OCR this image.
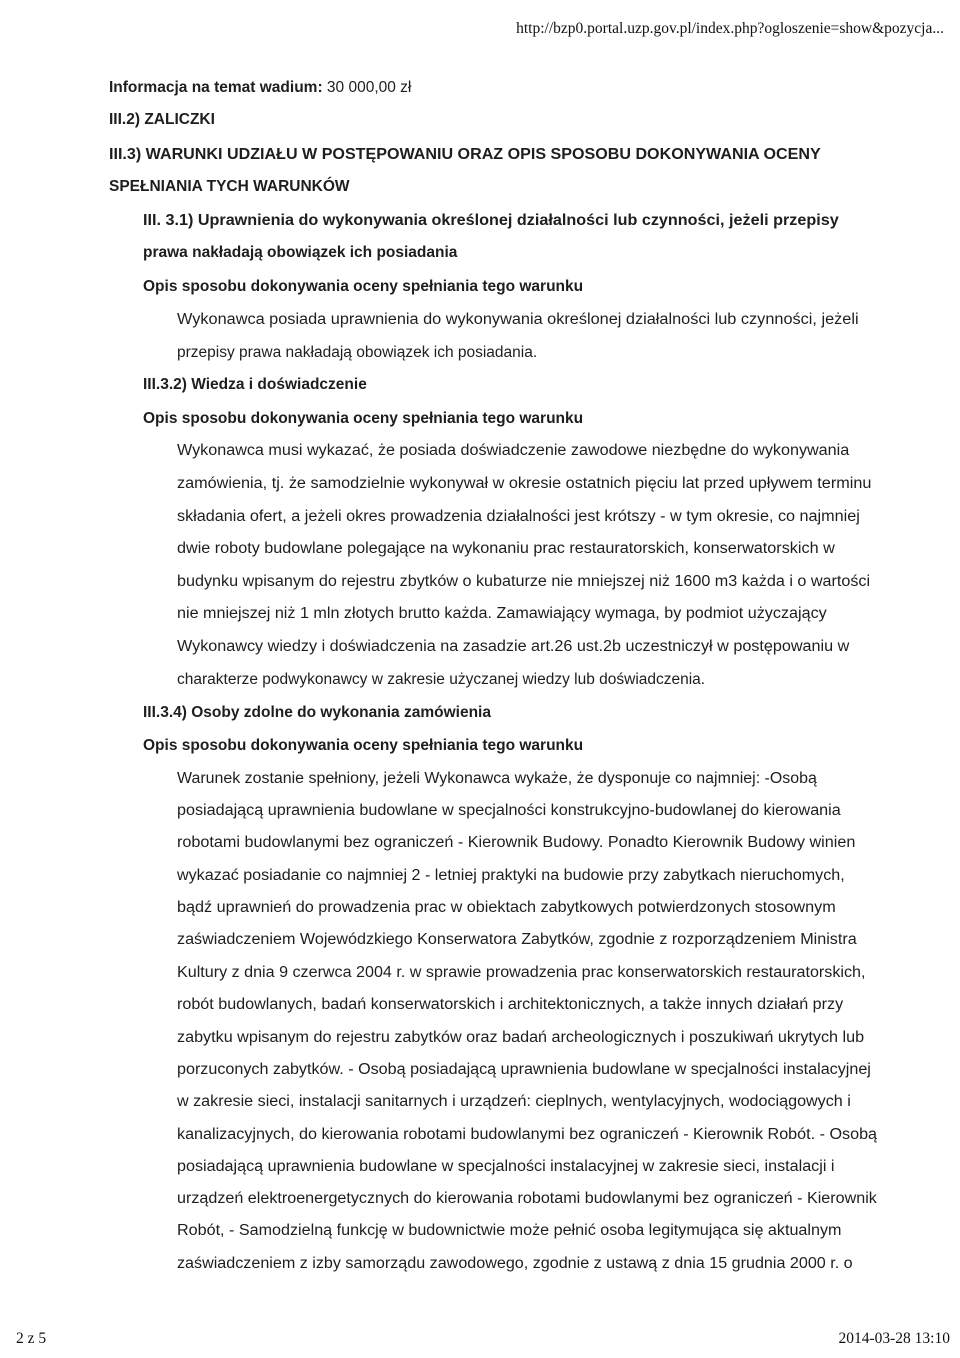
http://bzp0.portal.uzp.gov.pl/index.php?ogloszenie=show&pozycja...
Informacja na temat wadium: 30 000,00 zł
III.2) ZALICZKI
III.3) WARUNKI UDZIAŁU W POSTĘPOWANIU ORAZ OPIS SPOSOBU DOKONYWANIA OCENY
SPEŁNIANIA TYCH WARUNKÓW
III. 3.1) Uprawnienia do wykonywania określonej działalności lub czynności, jeżeli przepisy
prawa nakładają obowiązek ich posiadania
Opis sposobu dokonywania oceny spełniania tego warunku
Wykonawca posiada uprawnienia do wykonywania określonej działalności lub czynności, jeżeli
przepisy prawa nakładają obowiązek ich posiadania.
III.3.2) Wiedza i doświadczenie
Opis sposobu dokonywania oceny spełniania tego warunku
Wykonawca musi wykazać, że posiada doświadczenie zawodowe niezbędne do wykonywania
zamówienia, tj. że samodzielnie wykonywał w okresie ostatnich pięciu lat przed upływem terminu
składania ofert, a jeżeli okres prowadzenia działalności jest krótszy - w tym okresie, co najmniej
dwie roboty budowlane polegające na wykonaniu prac restauratorskich, konserwatorskich w
budynku wpisanym do rejestru zbytków o kubaturze nie mniejszej niż 1600 m3 każda i o wartości
nie mniejszej niż 1 mln złotych brutto każda. Zamawiający wymaga, by podmiot użyczający
Wykonawcy wiedzy i doświadczenia na zasadzie art.26 ust.2b uczestniczył w postępowaniu w
charakterze podwykonawcy w zakresie użyczanej wiedzy lub doświadczenia.
III.3.4) Osoby zdolne do wykonania zamówienia
Opis sposobu dokonywania oceny spełniania tego warunku
Warunek zostanie spełniony, jeżeli Wykonawca wykaże, że dysponuje co najmniej: -Osobą
posiadającą uprawnienia budowlane w specjalności konstrukcyjno-budowlanej do kierowania
robotami budowlanymi bez ograniczeń - Kierownik Budowy. Ponadto Kierownik Budowy winien
wykazać posiadanie co najmniej 2 - letniej praktyki na budowie przy zabytkach nieruchomych,
bądź uprawnień do prowadzenia prac w obiektach zabytkowych potwierdzonych stosownym
zaświadczeniem Wojewódzkiego Konserwatora Zabytków, zgodnie z rozporządzeniem Ministra
Kultury z dnia 9 czerwca 2004 r. w sprawie prowadzenia prac konserwatorskich restauratorskich,
robót budowlanych, badań konserwatorskich i architektonicznych, a także innych działań przy
zabytku wpisanym do rejestru zabytków oraz badań archeologicznych i poszukiwań ukrytych lub
porzuconych zabytków. - Osobą posiadającą uprawnienia budowlane w specjalności instalacyjnej
w zakresie sieci, instalacji sanitarnych i urządzeń: cieplnych, wentylacyjnych, wodociągowych i
kanalizacyjnych, do kierowania robotami budowlanymi bez ograniczeń - Kierownik Robót. - Osobą
posiadającą uprawnienia budowlane w specjalności instalacyjnej w zakresie sieci, instalacji i
urządzeń elektroenergetycznych do kierowania robotami budowlanymi bez ograniczeń - Kierownik
Robót, - Samodzielną funkcję w budownictwie może pełnić osoba legitymująca się aktualnym
zaświadczeniem z izby samorządu zawodowego, zgodnie z ustawą z dnia 15 grudnia 2000 r. o
2 z 5	2014-03-28 13:10
